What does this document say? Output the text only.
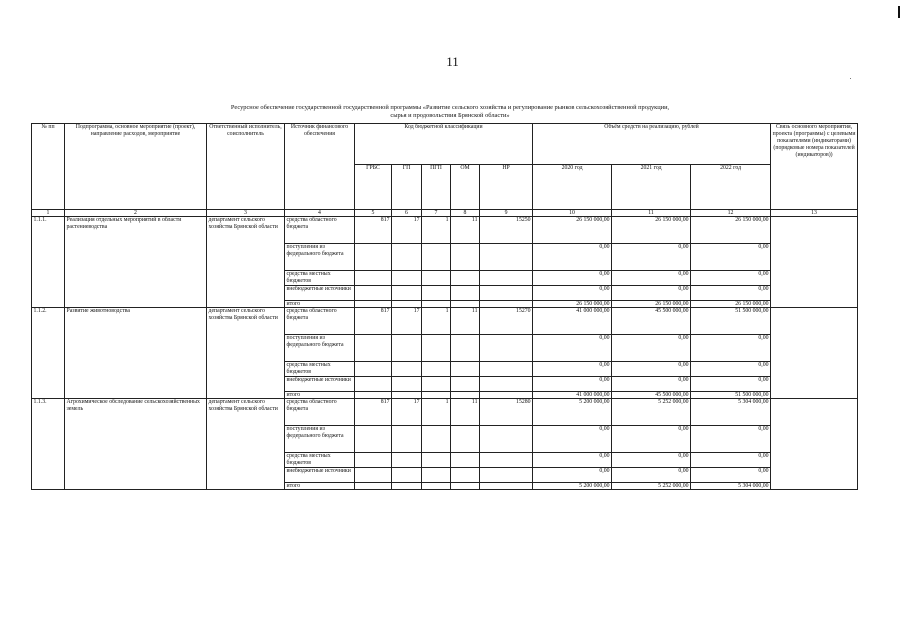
11
Ресурсное обеспечение государственной государственной программы «Развитие сельского хозяйства и регулирование рынков сельскохозяйственной продукции,
сырья и продовольствия Брянской области»
№ пп	Подпрограмма, основное мероприятие (проект), направление расходов, мероприятие	Ответственный исполнитель, соисполнитель	Источник финансового обеспечения	Код бюджетной классификации					Объём средств на реализацию, рублей			Связь основного мероприятия, проекта (программы) с целевыми показателями (индикаторами) (порядковые номера показателей (индикаторов))
				ГРБС	ГП	ПГП	ОМ	НР	2020 год	2021 год	2022 год	
1	2	3	4	5	6	7	8	9	10	11	12	13
1.1.1.	Реализация отдельных мероприятий в области растениеводства	департамент сельского хозяйства Брянской области	средства областного бюджета	817	17	1	11	15250	26 150 000,00	26 150 000,00	26 150 000,00	
			поступления из федерального бюджета						0,00	0,00	0,00	
			средства местных бюджетов						0,00	0,00	0,00	
			внебюджетные источники						0,00	0,00	0,00	
			итого						26 150 000,00	26 150 000,00	26 150 000,00	
1.1.2.	Развитие животноводства	департамент сельского хозяйства Брянской области	средства областного бюджета	817	17	1	11	15270	41 000 000,00	45 500 000,00	51 500 000,00	
			поступления из федерального бюджета						0,00	0,00	0,00	
			средства местных бюджетов						0,00	0,00	0,00	
			внебюджетные источники						0,00	0,00	0,00	
			итого						41 000 000,00	45 500 000,00	51 500 000,00	
1.1.3.	Агрохимическое обследование сельскохозяйственных земель	департамент сельского хозяйства Брянской области	средства областного бюджета	817	17	1	11	15280	5 200 000,00	5 252 000,00	5 304 000,00	
			поступления из федерального бюджета						0,00	0,00	0,00	
			средства местных бюджетов						0,00	0,00	0,00	
			внебюджетные источники						0,00	0,00	0,00	
			итого						5 200 000,00	5 252 000,00	5 304 000,00	
